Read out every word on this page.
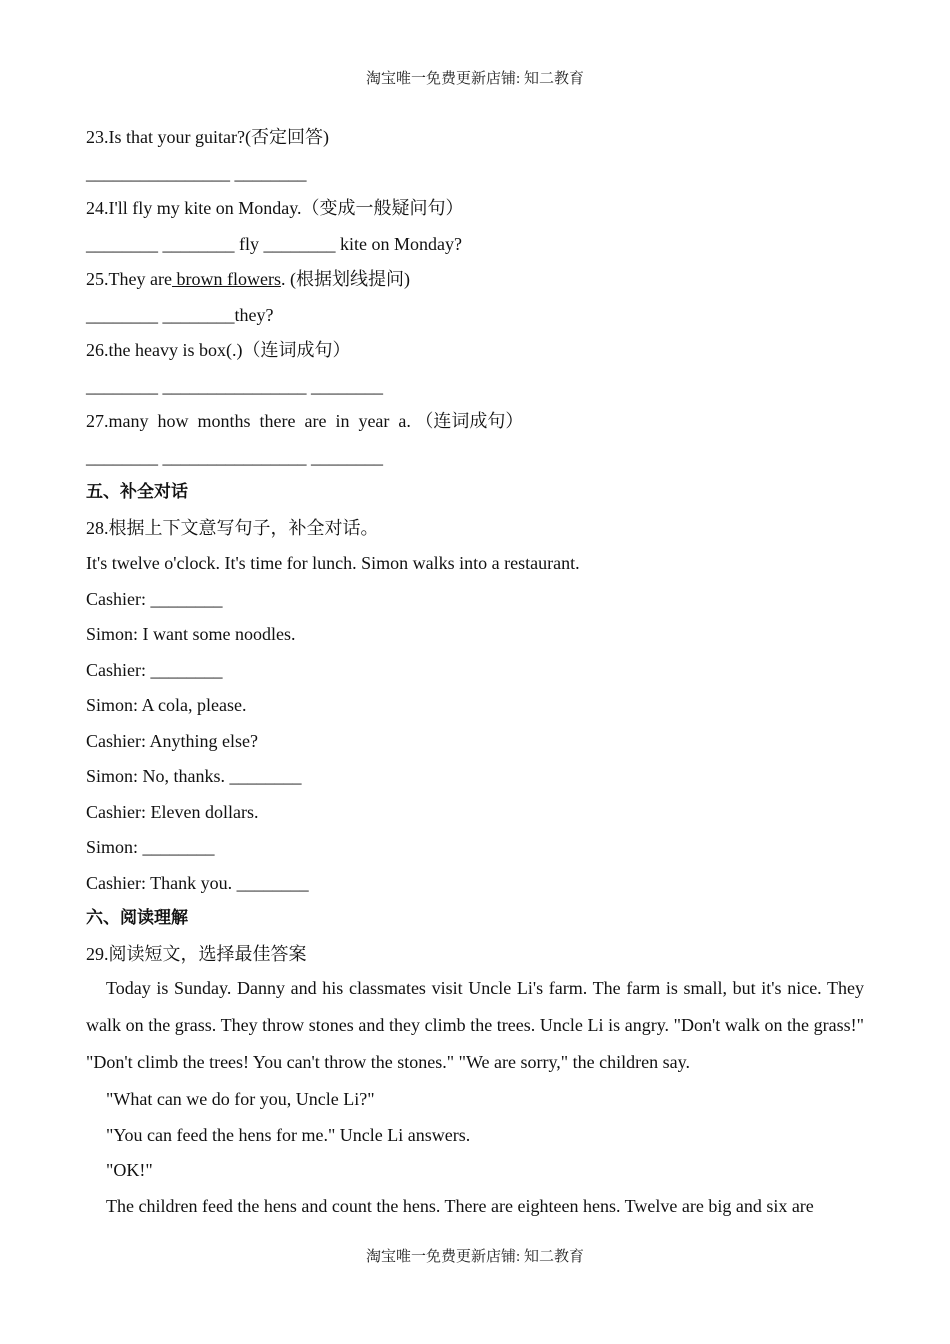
淘宝唯一免费更新店铺: 知二教育
23.Is that your guitar?(否定回答)
________________ ________
24.I'll fly my kite on Monday.（变成一般疑问句）
________ ________ fly ________ kite on Monday?
25.They are brown flowers. (根据划线提问)
________ ________they?
26.the heavy is box(.)（连词成句）
________ ________________ ________
27.many  how  months  there  are  in  year  a. （连词成句）
________ ________________ ________
五、补全对话
28.根据上下文意写句子，补全对话。
It's twelve o'clock. It's time for lunch. Simon walks into a restaurant.
Cashier: ________
Simon: I want some noodles.
Cashier: ________
Simon: A cola, please.
Cashier: Anything else?
Simon: No, thanks. ________
Cashier: Eleven dollars.
Simon: ________
Cashier: Thank you. ________
六、阅读理解
29.阅读短文，选择最佳答案
Today is Sunday. Danny and his classmates visit Uncle Li's farm. The farm is small, but it's nice. They walk on the grass. They throw stones and they climb the trees. Uncle Li is angry. "Don't walk on the grass!" "Don't climb the trees! You can't throw the stones." "We are sorry," the children say.
"What can we do for you, Uncle Li?"
"You can feed the hens for me." Uncle Li answers.
"OK!"
The children feed the hens and count the hens. There are eighteen hens. Twelve are big and six are
淘宝唯一免费更新店铺: 知二教育
